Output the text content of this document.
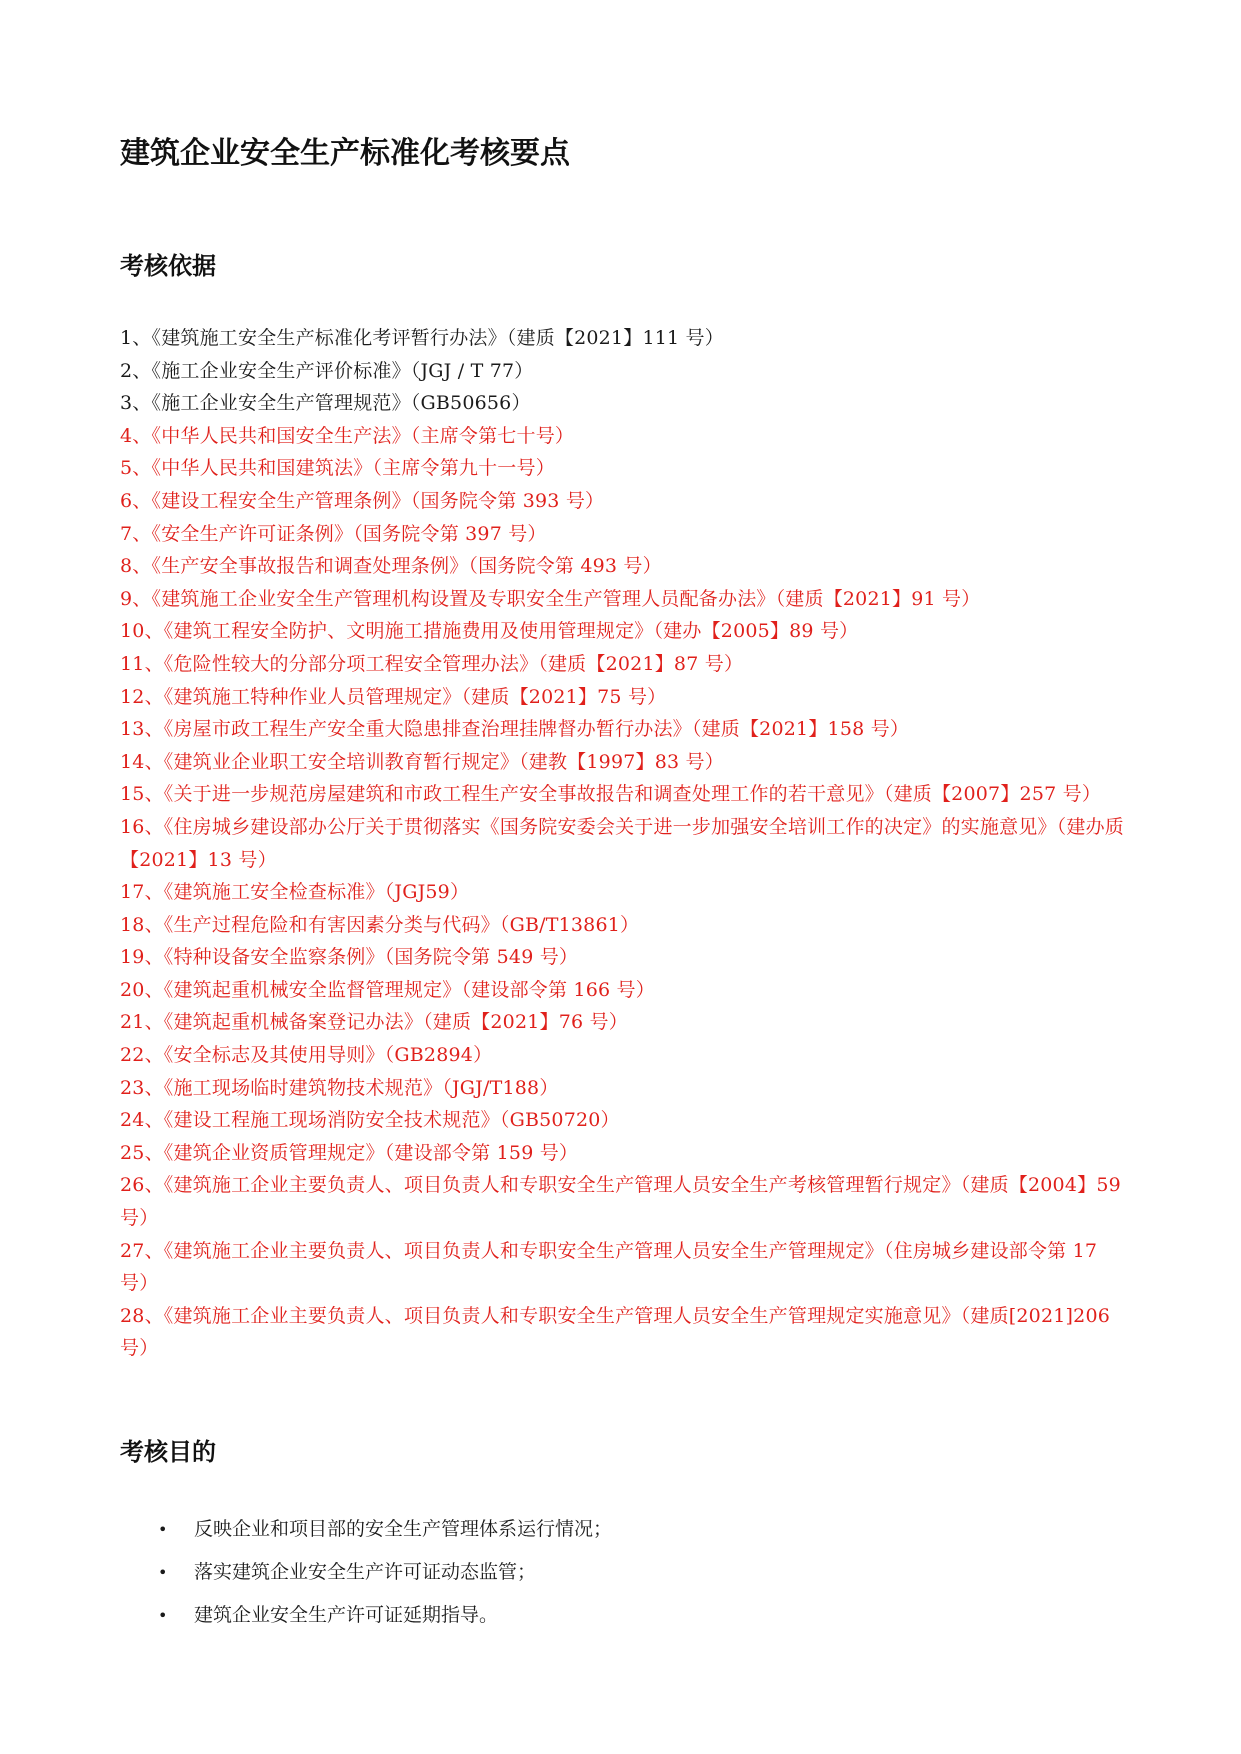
建筑企业安全生产标准化考核要点
考核依据
1、《建筑施工安全生产标准化考评暂行办法》（建质【2021】111 号）
2、《施工企业安全生产评价标准》（JGJ / T 77）
3、《施工企业安全生产管理规范》（GB50656）
4、《中华人民共和国安全生产法》（主席令第七十号）
5、《中华人民共和国建筑法》（主席令第九十一号）
6、《建设工程安全生产管理条例》（国务院令第 393 号）
7、《安全生产许可证条例》（国务院令第 397 号）
8、《生产安全事故报告和调查处理条例》（国务院令第 493 号）
9、《建筑施工企业安全生产管理机构设置及专职安全生产管理人员配备办法》（建质【2021】91 号）
10、《建筑工程安全防护、文明施工措施费用及使用管理规定》（建办【2005】89 号）
11、《危险性较大的分部分项工程安全管理办法》（建质【2021】87 号）
12、《建筑施工特种作业人员管理规定》（建质【2021】75 号）
13、《房屋市政工程生产安全重大隐患排查治理挂牌督办暂行办法》（建质【2021】158 号）
14、《建筑业企业职工安全培训教育暂行规定》（建教【1997】83 号）
15、《关于进一步规范房屋建筑和市政工程生产安全事故报告和调查处理工作的若干意见》（建质【2007】257 号）
16、《住房城乡建设部办公厅关于贯彻落实《国务院安委会关于进一步加强安全培训工作的决定》的实施意见》（建办质【2021】13 号）
17、《建筑施工安全检查标准》（JGJ59）
18、《生产过程危险和有害因素分类与代码》（GB/T13861）
19、《特种设备安全监察条例》（国务院令第 549 号）
20、《建筑起重机械安全监督管理规定》（建设部令第 166 号）
21、《建筑起重机械备案登记办法》（建质【2021】76 号）
22、《安全标志及其使用导则》（GB2894）
23、《施工现场临时建筑物技术规范》（JGJ/T188）
24、《建设工程施工现场消防安全技术规范》（GB50720）
25、《建筑企业资质管理规定》（建设部令第 159 号）
26、《建筑施工企业主要负责人、项目负责人和专职安全生产管理人员安全生产考核管理暂行规定》（建质【2004】59 号）
27、《建筑施工企业主要负责人、项目负责人和专职安全生产管理人员安全生产管理规定》（住房城乡建设部令第 17 号）
28、《建筑施工企业主要负责人、项目负责人和专职安全生产管理人员安全生产管理规定实施意见》（建质[2021]206 号）
考核目的
• 反映企业和项目部的安全生产管理体系运行情况；
• 落实建筑企业安全生产许可证动态监管；
• 建筑企业安全生产许可证延期指导。
